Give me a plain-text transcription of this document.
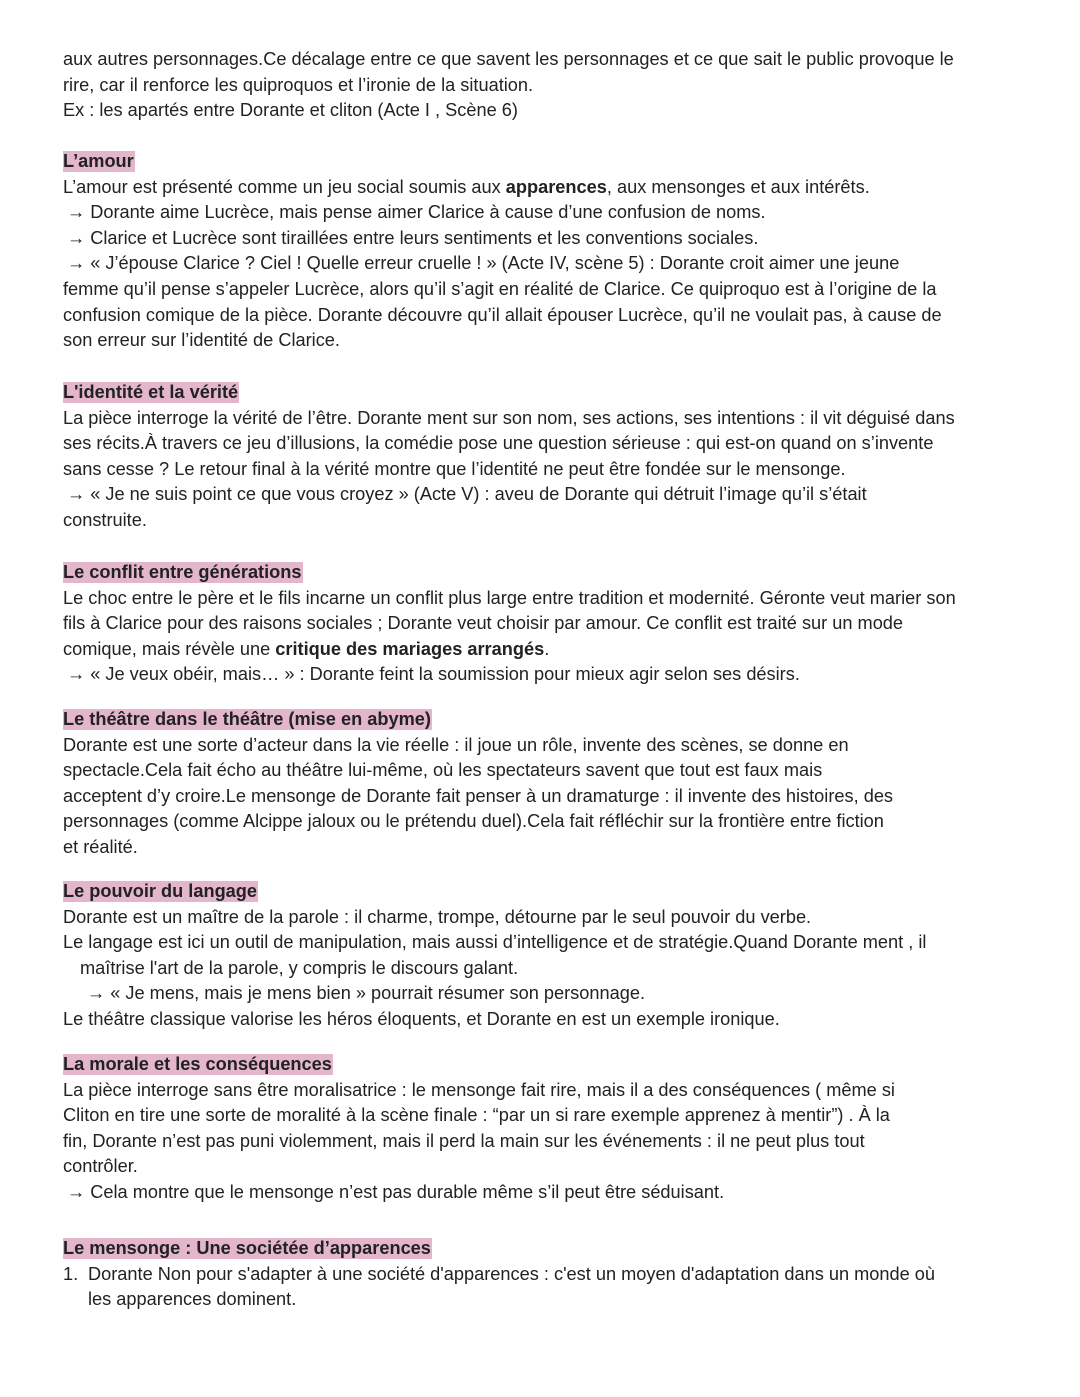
aux autres personnages.Ce décalage entre ce que savent les personnages et ce que sait le public provoque le

rire, car il renforce les quiproquos et l’ironie de la situation.

Ex : les apartés entre Dorante et cliton (Acte I , Scène 6)

L’amour

L’amour est présenté comme un jeu social soumis aux apparences, aux mensonges et aux intérêts.

→ Dorante aime Lucrèce, mais pense aimer Clarice à cause d’une confusion de noms.

→ Clarice et Lucrèce sont tiraillées entre leurs sentiments et les conventions sociales.

→ « J’épouse Clarice ? Ciel ! Quelle erreur cruelle ! » (Acte IV, scène 5) : Dorante croit aimer une jeune

femme qu’il pense s’appeler Lucrèce, alors qu’il s’agit en réalité de Clarice. Ce quiproquo est à l’origine de la

confusion comique de la pièce. Dorante découvre qu’il allait épouser Lucrèce, qu’il ne voulait pas, à cause de

son erreur sur l’identité de Clarice.

L'identité et la vérité

La pièce interroge la vérité de l’être. Dorante ment sur son nom, ses actions, ses intentions : il vit déguisé dans

ses récits.À travers ce jeu d’illusions, la comédie pose une question sérieuse : qui est-on quand on s’invente

sans cesse ? Le retour final à la vérité montre que l’identité ne peut être fondée sur le mensonge.

→ « Je ne suis point ce que vous croyez » (Acte V) : aveu de Dorante qui détruit l’image qu’il s’était

construite.

Le conflit entre générations

Le choc entre le père et le fils incarne un conflit plus large entre tradition et modernité. Géronte veut marier son

fils à Clarice pour des raisons sociales ; Dorante veut choisir par amour. Ce conflit est traité sur un mode

comique, mais révèle une critique des mariages arrangés.

→ « Je veux obéir, mais… » : Dorante feint la soumission pour mieux agir selon ses désirs.

Le théâtre dans le théâtre (mise en abyme)

Dorante est une sorte d’acteur dans la vie réelle : il joue un rôle, invente des scènes, se donne en

spectacle.Cela fait écho au théâtre lui-même, où les spectateurs savent que tout est faux mais

acceptent d’y croire.Le mensonge de Dorante fait penser à un dramaturge : il invente des histoires, des

personnages (comme Alcippe jaloux ou le prétendu duel).Cela fait réfléchir sur la frontière entre fiction

et réalité.

Le pouvoir du langage

Dorante est un maître de la parole : il charme, trompe, détourne par le seul pouvoir du verbe.

Le langage est ici un outil de manipulation, mais aussi d’intelligence et de stratégie.Quand Dorante ment , il

maîtrise l'art de la parole, y compris le discours galant.

→ « Je mens, mais je mens bien » pourrait résumer son personnage.

Le théâtre classique valorise les héros éloquents, et Dorante en est un exemple ironique.

La morale et les conséquences

La pièce interroge sans être moralisatrice : le mensonge fait rire, mais il a des conséquences ( même si

Cliton en tire une sorte de moralité à la scène finale : “par un si rare exemple apprenez à mentir”) . À la

fin, Dorante n’est pas puni violemment, mais il perd la main sur les événements : il ne peut plus tout

contrôler.

→ Cela montre que le mensonge n’est pas durable même s’il peut être séduisant.

Le mensonge : Une sociétée d’apparences

1. Dorante Non pour s'adapter à une société d'apparences : c'est un moyen d'adaptation dans un monde où

les apparences dominent.
